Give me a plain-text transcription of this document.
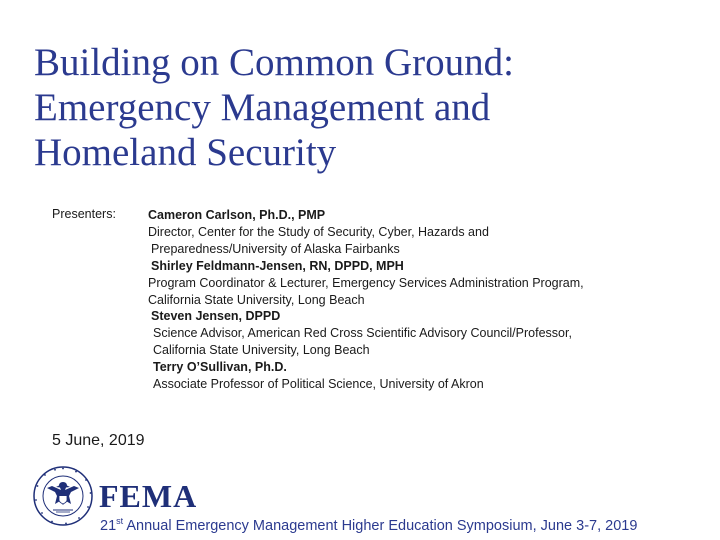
Building on Common Ground:
Emergency Management and
Homeland Security
Presenters:	Cameron Carlson, Ph.D., PMP
Director, Center for the Study of Security, Cyber, Hazards and
Preparedness/University of Alaska Fairbanks
Shirley Feldmann-Jensen, RN, DPPD, MPH
Program Coordinator & Lecturer, Emergency Services Administration Program,
California State University, Long Beach
Steven Jensen, DPPD
Science Advisor, American Red Cross Scientific Advisory Council/Professor,
California State University, Long Beach
Terry O’Sullivan, Ph.D.
Associate Professor of Political Science, University of Akron
5 June, 2019
FEMA
21st Annual Emergency Management Higher Education Symposium, June 3-7, 2019
